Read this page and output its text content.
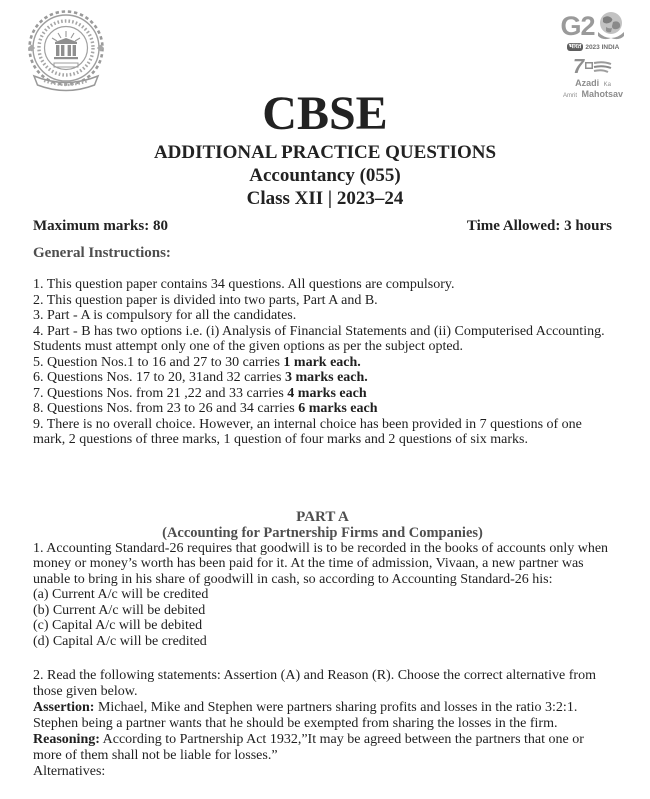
G2
भारत 2023 INDIA
7
Azadi Ka
Amrit Mahotsav
CBSE
ADDITIONAL PRACTICE QUESTIONS
Accountancy (055)
Class XII | 2023–24
Maximum marks: 80	Time Allowed: 3 hours
General Instructions:

1. This question paper contains 34 questions. All questions are compulsory.

2. This question paper is divided into two parts, Part A and B.

3. Part - A is compulsory for all the candidates.

4. Part - B has two options i.e. (i) Analysis of Financial Statements and (ii) Computerised Accounting. Students must attempt only one of the given options as per the subject opted.

5. Question Nos.1 to 16 and 27 to 30 carries 1 mark each.

6. Questions Nos. 17 to 20, 31and 32 carries 3 marks each.

7. Questions Nos. from 21 ,22 and 33 carries 4 marks each

8. Questions Nos. from 23 to 26 and 34 carries 6 marks each

9. There is no overall choice. However, an internal choice has been provided in 7 questions of one mark, 2 questions of three marks, 1 question of four marks and 2 questions of six marks.

PART A
(Accounting for Partnership Firms and Companies)

1. Accounting Standard-26 requires that goodwill is to be recorded in the books of accounts only when money or money’s worth has been paid for it. At the time of admission, Vivaan, a new partner was unable to bring in his share of goodwill in cash, so according to Accounting Standard-26 his:

(a) Current A/c will be credited

(b) Current A/c will be debited

(c) Capital A/c will be debited

(d) Capital A/c will be credited

2. Read the following statements: Assertion (A) and Reason (R). Choose the correct alternative from those given below.

Assertion: Michael, Mike and Stephen were partners sharing profits and losses in the ratio 3:2:1. Stephen being a partner wants that he should be exempted from sharing the losses in the firm.

Reasoning: According to Partnership Act 1932,”It may be agreed between the partners that one or more of them shall not be liable for losses.”

Alternatives:
